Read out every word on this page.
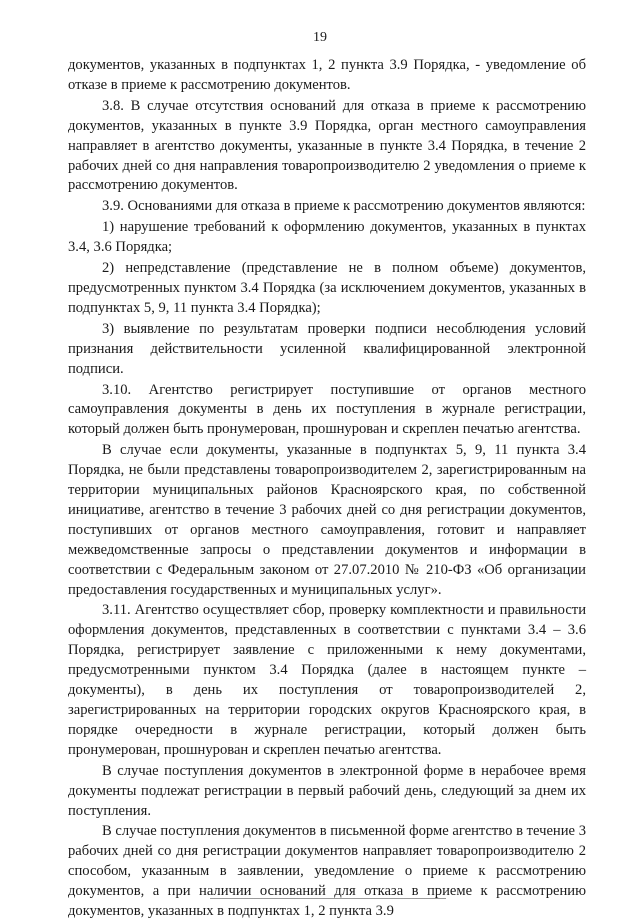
19

документов, указанных в подпунктах 1, 2 пункта 3.9 Порядка, - уведомление об отказе в приеме к рассмотрению документов.

3.8. В случае отсутствия оснований для отказа в приеме к рассмотрению документов, указанных в пункте 3.9 Порядка, орган местного самоуправления направляет в агентство документы, указанные в пункте 3.4 Порядка, в течение 2 рабочих дней со дня направления товаропроизводителю 2 уведомления о приеме к рассмотрению документов.

3.9. Основаниями для отказа в приеме к рассмотрению документов являются:

1) нарушение требований к оформлению документов, указанных в пунктах 3.4, 3.6 Порядка;

2) непредставление (представление не в полном объеме) документов, предусмотренных пунктом 3.4 Порядка (за исключением документов, указанных в подпунктах 5, 9, 11 пункта 3.4 Порядка);

3) выявление по результатам проверки подписи несоблюдения условий признания действительности усиленной квалифицированной электронной подписи.

3.10. Агентство регистрирует поступившие от органов местного самоуправления документы в день их поступления в журнале регистрации, который должен быть пронумерован, прошнурован и скреплен печатью агентства.

В случае если документы, указанные в подпунктах 5, 9, 11 пункта 3.4 Порядка, не были представлены товаропроизводителем 2, зарегистрированным на территории муниципальных районов Красноярского края, по собственной инициативе, агентство в течение 3 рабочих дней со дня регистрации документов, поступивших от органов местного самоуправления, готовит и направляет межведомственные запросы о представлении документов и информации в соответствии с Федеральным законом от 27.07.2010 № 210-ФЗ «Об организации предоставления государственных и муниципальных услуг».

3.11. Агентство осуществляет сбор, проверку комплектности и правильности оформления документов, представленных в соответствии с пунктами 3.4 – 3.6 Порядка, регистрирует заявление с приложенными к нему документами, предусмотренными пунктом 3.4 Порядка (далее в настоящем пункте – документы), в день их поступления от товаропроизводителей 2, зарегистрированных на территории городских округов Красноярского края, в порядке очередности в журнале регистрации, который должен быть пронумерован, прошнурован и скреплен печатью агентства.

В случае поступления документов в электронной форме в нерабочее время документы подлежат регистрации в первый рабочий день, следующий за днем их поступления.

В случае поступления документов в письменной форме агентство в течение 3 рабочих дней со дня регистрации документов направляет товаропроизводителю 2 способом, указанным в заявлении, уведомление о приеме к рассмотрению документов, а при наличии оснований для отказа в приеме к рассмотрению документов, указанных в подпунктах 1, 2 пункта 3.9
